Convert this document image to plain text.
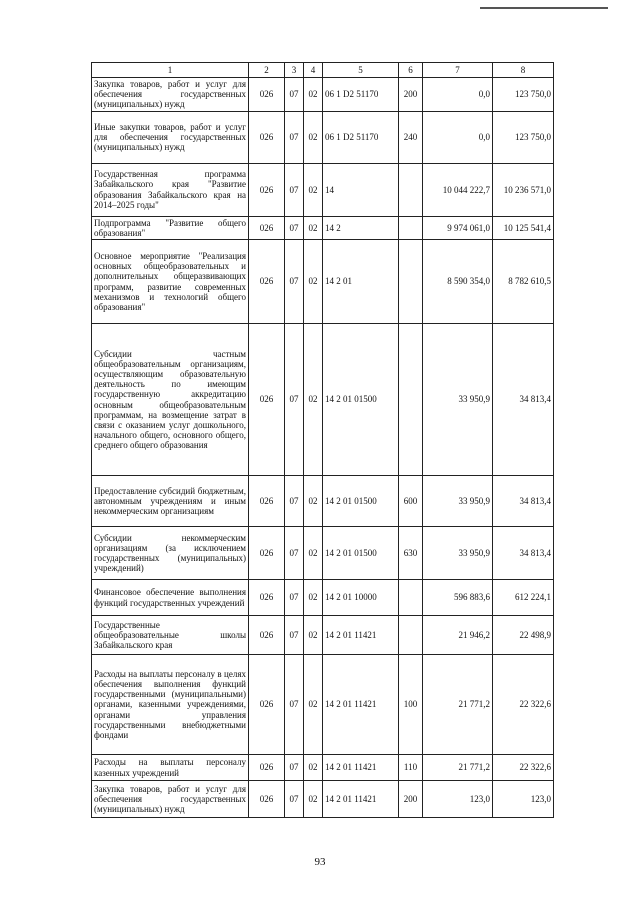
1	2	3	4	5	6	7	8
Закупка товаров, работ и услуг для обеспечения государственных (муниципальных) нужд	026	07	02	06 1 D2 51170	200	0,0	123 750,0
Иные закупки товаров, работ и услуг для обеспечения государственных (муниципальных) нужд	026	07	02	06 1 D2 51170	240	0,0	123 750,0
Государственная программа Забайкальского края "Развитие образования Забайкальского края на 2014–2025 годы"	026	07	02	14		10 044 222,7	10 236 571,0
Подпрограмма "Развитие общего образования"	026	07	02	14 2		9 974 061,0	10 125 541,4
Основное мероприятие "Реализация основных общеобразовательных и дополнительных общеразвивающих программ, развитие современных механизмов и технологий общего образования"	026	07	02	14 2 01		8 590 354,0	8 782 610,5
Субсидии частным общеобразовательным организациям, осуществляющим образовательную деятельность по имеющим государственную аккредитацию основным общеобразовательным программам, на возмещение затрат в связи с оказанием услуг дошкольного, начального общего, основного общего, среднего общего образования	026	07	02	14 2 01 01500		33 950,9	34 813,4
Предоставление субсидий бюджетным, автономным учреждениям и иным некоммерческим организациям	026	07	02	14 2 01 01500	600	33 950,9	34 813,4
Субсидии некоммерческим организациям (за исключением государственных (муниципальных) учреждений)	026	07	02	14 2 01 01500	630	33 950,9	34 813,4
Финансовое обеспечение выполнения функций государственных учреждений	026	07	02	14 2 01 10000		596 883,6	612 224,1
Государственные общеобразовательные школы Забайкальского края	026	07	02	14 2 01 11421		21 946,2	22 498,9
Расходы на выплаты персоналу в целях обеспечения выполнения функций государственными (муниципальными) органами, казенными учреждениями, органами управления государственными внебюджетными фондами	026	07	02	14 2 01 11421	100	21 771,2	22 322,6
Расходы на выплаты персоналу казенных учреждений	026	07	02	14 2 01 11421	110	21 771,2	22 322,6
Закупка товаров, работ и услуг для обеспечения государственных (муниципальных) нужд	026	07	02	14 2 01 11421	200	123,0	123,0
93
